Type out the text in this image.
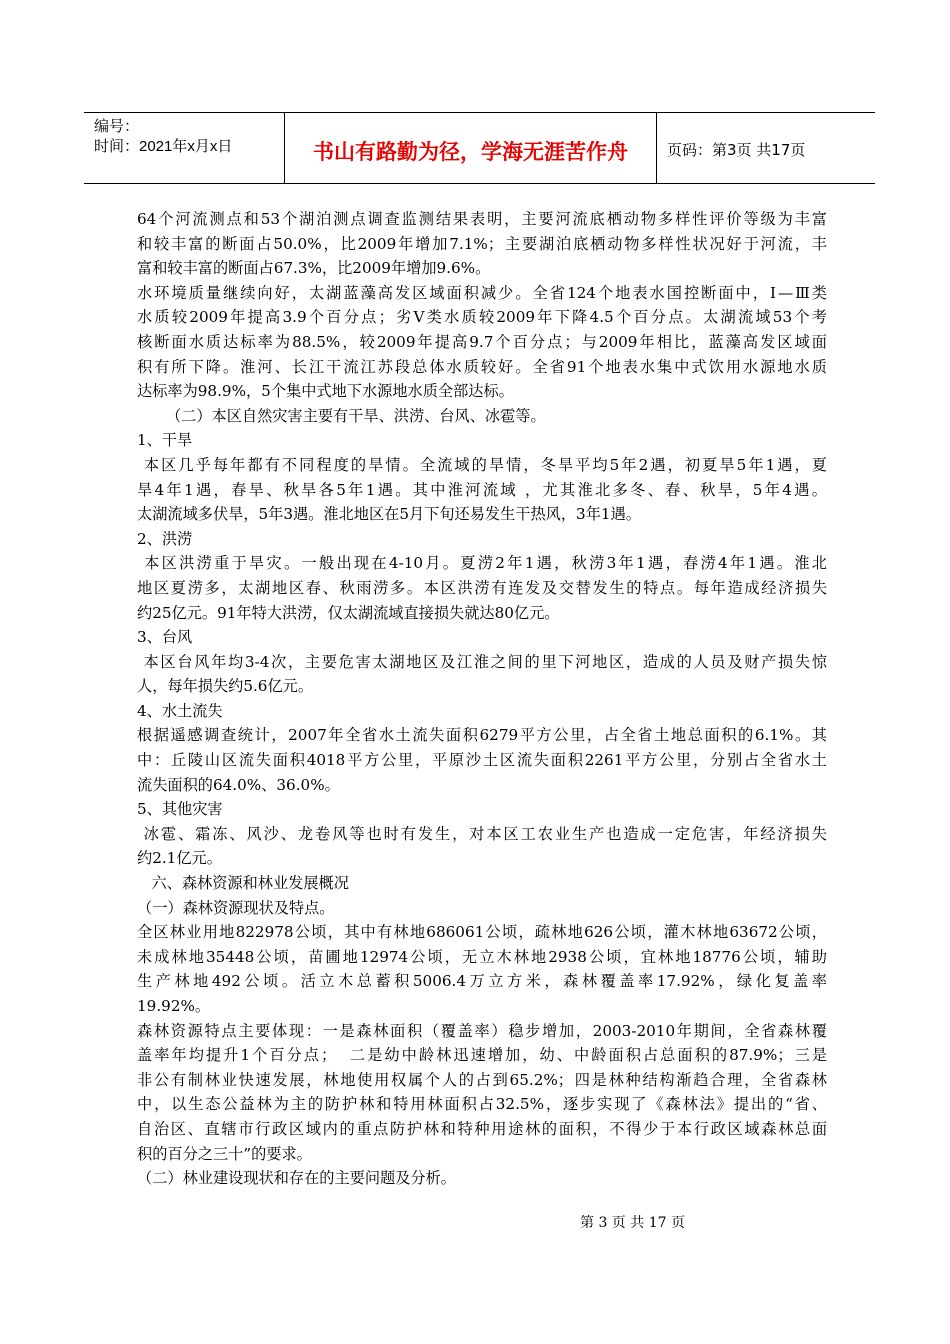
编号：
时间：2021年x月x日	书山有路勤为径，学海无涯苦作舟	页码：第3页 共17页

64个河流测点和53个湖泊测点调查监测结果表明，主要河流底栖动物多样性评价等级为丰富

和较丰富的断面占50.0%，比2009年增加7.1%；主要湖泊底栖动物多样性状况好于河流，丰

富和较丰富的断面占67.3%，比2009年增加9.6%。

水环境质量继续向好，太湖蓝藻高发区域面积减少。全省124个地表水国控断面中，Ⅰ—Ⅲ类

水质较2009年提高3.9个百分点；劣Ⅴ类水质较2009年下降4.5个百分点。太湖流域53个考

核断面水质达标率为88.5%，较2009年提高9.7个百分点；与2009年相比，蓝藻高发区域面

积有所下降。淮河、长江干流江苏段总体水质较好。全省91个地表水集中式饮用水源地水质

达标率为98.9%，5个集中式地下水源地水质全部达标。

（二）本区自然灾害主要有干旱、洪涝、台风、冰雹等。

1、干旱

本区几乎每年都有不同程度的旱情。全流域的旱情，冬旱平均5年2遇，初夏旱5年1遇，夏

旱4年1遇，春旱、秋旱各5年1遇。其中淮河流域 ，尤其淮北多冬、春、秋旱，5年4遇。

太湖流域多伏旱，5年3遇。淮北地区在5月下旬还易发生干热风，3年1遇。

2、洪涝

本区洪涝重于旱灾。一般出现在4-10月。夏涝2年1遇，秋涝3年1遇，春涝4年1遇。淮北

地区夏涝多，太湖地区春、秋雨涝多。本区洪涝有连发及交替发生的特点。每年造成经济损失

约25亿元。91年特大洪涝，仅太湖流域直接损失就达80亿元。

3、台风

本区台风年均3-4次，主要危害太湖地区及江淮之间的里下河地区，造成的人员及财产损失惊

人，每年损失约5.6亿元。

4、水土流失

根据遥感调查统计，2007年全省水土流失面积6279平方公里，占全省土地总面积的6.1%。其

中：丘陵山区流失面积4018平方公里，平原沙土区流失面积2261平方公里，分别占全省水土

流失面积的64.0%、36.0%。

5、其他灾害

冰雹、霜冻、风沙、龙卷风等也时有发生，对本区工农业生产也造成一定危害，年经济损失

约2.1亿元。

六、森林资源和林业发展概况

（一）森林资源现状及特点。

全区林业用地822978公顷，其中有林地686061公顷，疏林地626公顷，灌木林地63672公顷，

未成林地35448公顷，苗圃地12974公顷，无立木林地2938公顷，宜林地18776公顷，辅助

生产林地492公顷。活立木总蓄积5006.4万立方米，森林覆盖率17.92%，绿化复盖率

19.92%。

森林资源特点主要体现：一是森林面积（覆盖率）稳步增加，2003-2010年期间，全省森林覆

盖率年均提升1个百分点；  二是幼中龄林迅速增加，幼、中龄面积占总面积的87.9%；三是

非公有制林业快速发展，林地使用权属个人的占到65.2%；四是林种结构渐趋合理，全省森林

中，以生态公益林为主的防护林和特用林面积占32.5%，逐步实现了《森林法》提出的“省、

自治区、直辖市行政区域内的重点防护林和特种用途林的面积，不得少于本行政区域森林总面

积的百分之三十”的要求。

（二）林业建设现状和存在的主要问题及分析。

第 3 页 共 17 页
